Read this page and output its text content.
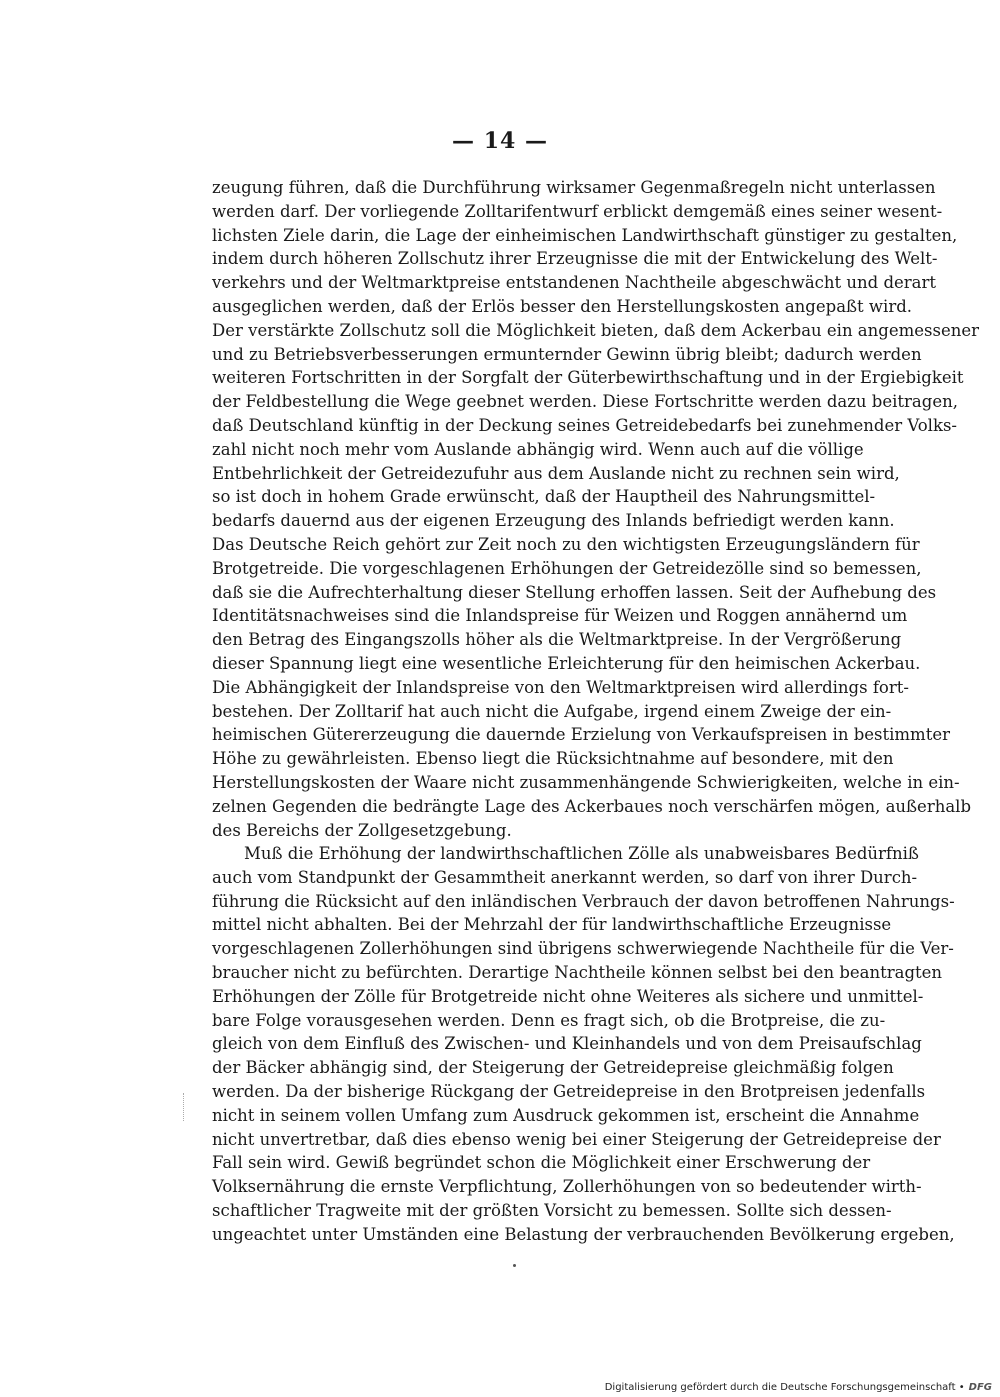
— 14 —
zeugung führen, daß die Durchführung wirksamer Gegenmaßregeln nicht unterlassen
werden darf. Der vorliegende Zolltarifentwurf erblickt demgemäß eines seiner wesent-
lichsten Ziele darin, die Lage der einheimischen Landwirthschaft günstiger zu gestalten,
indem durch höheren Zollschutz ihrer Erzeugnisse die mit der Entwickelung des Welt-
verkehrs und der Weltmarktpreise entstandenen Nachtheile abgeschwächt und derart
ausgeglichen werden, daß der Erlös besser den Herstellungskosten angepaßt wird.
Der verstärkte Zollschutz soll die Möglichkeit bieten, daß dem Ackerbau ein angemessener
und zu Betriebsverbesserungen ermunternder Gewinn übrig bleibt; dadurch werden
weiteren Fortschritten in der Sorgfalt der Güterbewirthschaftung und in der Ergiebigkeit
der Feldbestellung die Wege geebnet werden. Diese Fortschritte werden dazu beitragen,
daß Deutschland künftig in der Deckung seines Getreidebedarfs bei zunehmender Volks-
zahl nicht noch mehr vom Auslande abhängig wird. Wenn auch auf die völlige
Entbehrlichkeit der Getreidezufuhr aus dem Auslande nicht zu rechnen sein wird,
so ist doch in hohem Grade erwünscht, daß der Hauptheil des Nahrungsmittel-
bedarfs dauernd aus der eigenen Erzeugung des Inlands befriedigt werden kann.
Das Deutsche Reich gehört zur Zeit noch zu den wichtigsten Erzeugungsländern für
Brotgetreide. Die vorgeschlagenen Erhöhungen der Getreidezölle sind so bemessen,
daß sie die Aufrechterhaltung dieser Stellung erhoffen lassen. Seit der Aufhebung des
Identitätsnachweises sind die Inlandspreise für Weizen und Roggen annähernd um
den Betrag des Eingangszolls höher als die Weltmarktpreise. In der Vergrößerung
dieser Spannung liegt eine wesentliche Erleichterung für den heimischen Ackerbau.
Die Abhängigkeit der Inlandspreise von den Weltmarktpreisen wird allerdings fort-
bestehen. Der Zolltarif hat auch nicht die Aufgabe, irgend einem Zweige der ein-
heimischen Gütererzeugung die dauernde Erzielung von Verkaufspreisen in bestimmter
Höhe zu gewährleisten. Ebenso liegt die Rücksichtnahme auf besondere, mit den
Herstellungskosten der Waare nicht zusammenhängende Schwierigkeiten, welche in ein-
zelnen Gegenden die bedrängte Lage des Ackerbaues noch verschärfen mögen, außerhalb
des Bereichs der Zollgesetzgebung.
Muß die Erhöhung der landwirthschaftlichen Zölle als unabweisbares Bedürfniß
auch vom Standpunkt der Gesammtheit anerkannt werden, so darf von ihrer Durch-
führung die Rücksicht auf den inländischen Verbrauch der davon betroffenen Nahrungs-
mittel nicht abhalten. Bei der Mehrzahl der für landwirthschaftliche Erzeugnisse
vorgeschlagenen Zollerhöhungen sind übrigens schwerwiegende Nachtheile für die Ver-
braucher nicht zu befürchten. Derartige Nachtheile können selbst bei den beantragten
Erhöhungen der Zölle für Brotgetreide nicht ohne Weiteres als sichere und unmittel-
bare Folge vorausgesehen werden. Denn es fragt sich, ob die Brotpreise, die zu-
gleich von dem Einfluß des Zwischen- und Kleinhandels und von dem Preisaufschlag
der Bäcker abhängig sind, der Steigerung der Getreidepreise gleichmäßig folgen
werden. Da der bisherige Rückgang der Getreidepreise in den Brotpreisen jedenfalls
nicht in seinem vollen Umfang zum Ausdruck gekommen ist, erscheint die Annahme
nicht unvertretbar, daß dies ebenso wenig bei einer Steigerung der Getreidepreise der
Fall sein wird. Gewiß begründet schon die Möglichkeit einer Erschwerung der
Volksernährung die ernste Verpflichtung, Zollerhöhungen von so bedeutender wirth-
schaftlicher Tragweite mit der größten Vorsicht zu bemessen. Sollte sich dessen-
ungeachtet unter Umständen eine Belastung der verbrauchenden Bevölkerung ergeben,
Digitalisierung gefördert durch die Deutsche Forschungsgemeinschaft • DFG
